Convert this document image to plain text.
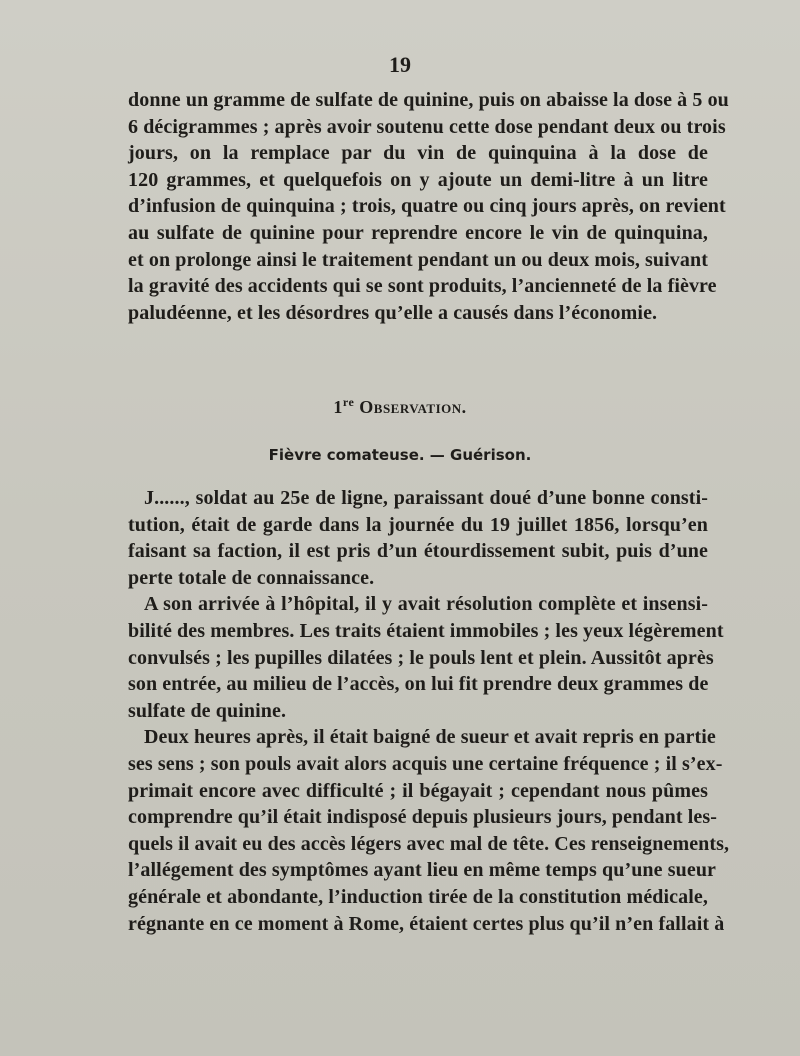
19
donne un gramme de sulfate de quinine, puis on abaisse la dose à 5 ou
6 décigrammes ; après avoir soutenu cette dose pendant deux ou trois
jours, on la remplace par du vin de quinquina à la dose de
120 grammes, et quelquefois on y ajoute un demi-litre à un litre
d’infusion de quinquina ; trois, quatre ou cinq jours après, on revient
au sulfate de quinine pour reprendre encore le vin de quinquina,
et on prolonge ainsi le traitement pendant un ou deux mois, suivant
la gravité des accidents qui se sont produits, l’ancienneté de la fièvre
paludéenne, et les désordres qu’elle a causés dans l’économie.
1re Observation.
Fièvre comateuse. — Guérison.
J......, soldat au 25e de ligne, paraissant doué d’une bonne consti-
tution, était de garde dans la journée du 19 juillet 1856, lorsqu’en
faisant sa faction, il est pris d’un étourdissement subit, puis d’une
perte totale de connaissance.
A son arrivée à l’hôpital, il y avait résolution complète et insensi-
bilité des membres. Les traits étaient immobiles ; les yeux légèrement
convulsés ; les pupilles dilatées ; le pouls lent et plein. Aussitôt après
son entrée, au milieu de l’accès, on lui fit prendre deux grammes de
sulfate de quinine.
Deux heures après, il était baigné de sueur et avait repris en partie
ses sens ; son pouls avait alors acquis une certaine fréquence ; il s’ex-
primait encore avec difficulté ; il bégayait ; cependant nous pûmes
comprendre qu’il était indisposé depuis plusieurs jours, pendant les-
quels il avait eu des accès légers avec mal de tête. Ces renseignements,
l’allégement des symptômes ayant lieu en même temps qu’une sueur
générale et abondante, l’induction tirée de la constitution médicale,
régnante en ce moment à Rome, étaient certes plus qu’il n’en fallait à
